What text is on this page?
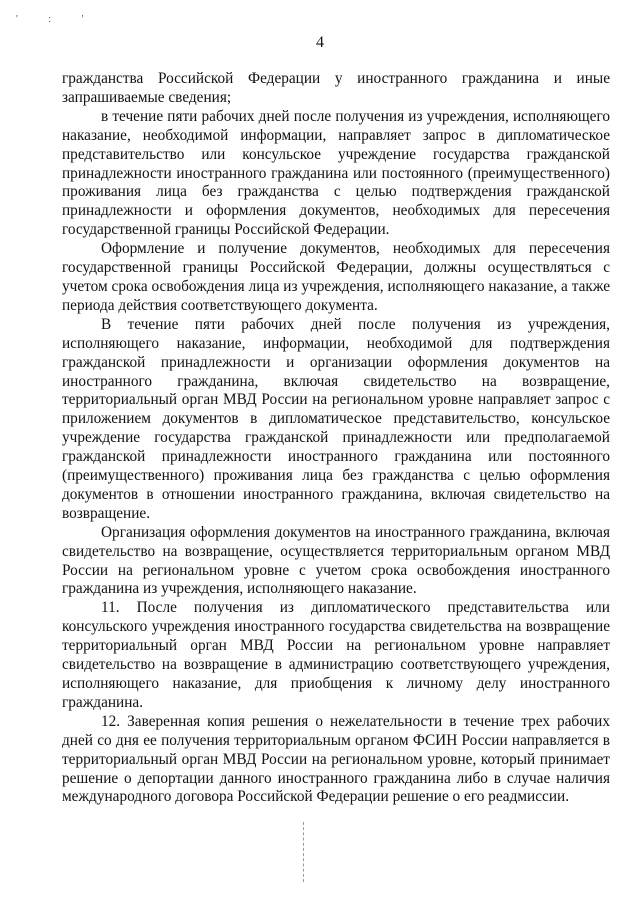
' : '
4

гражданства Российской Федерации у иностранного гражданина и иные запрашиваемые сведения;

в течение пяти рабочих дней после получения из учреждения, исполняющего наказание, необходимой информации, направляет запрос в дипломатическое представительство или консульское учреждение государства гражданской принадлежности иностранного гражданина или постоянного (преимущественного) проживания лица без гражданства с целью подтверждения гражданской принадлежности и оформления документов, необходимых для пересечения государственной границы Российской Федерации.

Оформление и получение документов, необходимых для пересечения государственной границы Российской Федерации, должны осуществляться с учетом срока освобождения лица из учреждения, исполняющего наказание, а также периода действия соответствующего документа.

В течение пяти рабочих дней после получения из учреждения, исполняющего наказание, информации, необходимой для подтверждения гражданской принадлежности и организации оформления документов на иностранного гражданина, включая свидетельство на возвращение, территориальный орган МВД России на региональном уровне направляет запрос с приложением документов в дипломатическое представительство, консульское учреждение государства гражданской принадлежности или предполагаемой гражданской принадлежности иностранного гражданина или постоянного (преимущественного) проживания лица без гражданства с целью оформления документов в отношении иностранного гражданина, включая свидетельство на возвращение.

Организация оформления документов на иностранного гражданина, включая свидетельство на возвращение, осуществляется территориальным органом МВД России на региональном уровне с учетом срока освобождения иностранного гражданина из учреждения, исполняющего наказание.

11. После получения из дипломатического представительства или консульского учреждения иностранного государства свидетельства на возвращение территориальный орган МВД России на региональном уровне направляет свидетельство на возвращение в администрацию соответствующего учреждения, исполняющего наказание, для приобщения к личному делу иностранного гражданина.

12. Заверенная копия решения о нежелательности в течение трех рабочих дней со дня ее получения территориальным органом ФСИН России направляется в территориальный орган МВД России на региональном уровне, который принимает решение о депортации данного иностранного гражданина либо в случае наличия международного договора Российской Федерации решение о его реадмиссии.
